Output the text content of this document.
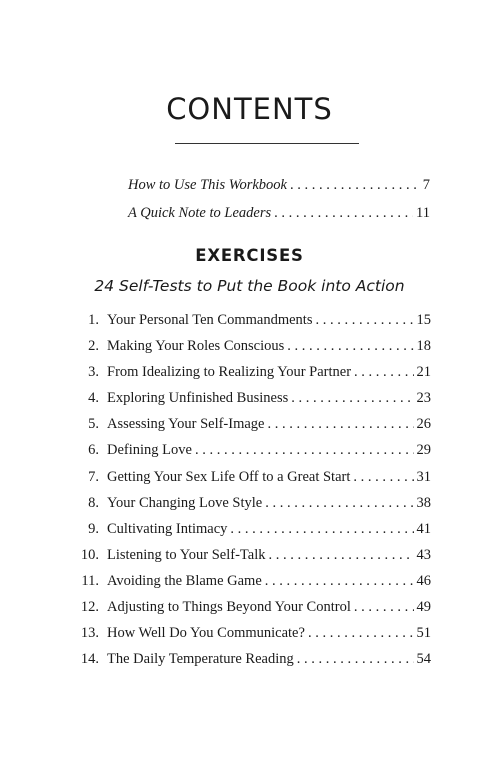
CONTENTS
How to Use This Workbook . . .	7
A Quick Note to Leaders . . .	11
EXERCISES
24 Self-Tests to Put the Book into Action
1. Your Personal Ten Commandments . . .	15
2. Making Your Roles Conscious . . .	18
3. From Idealizing to Realizing Your Partner . . .	21
4. Exploring Unfinished Business . . .	23
5. Assessing Your Self-Image . . .	26
6. Defining Love . . .	29
7. Getting Your Sex Life Off to a Great Start . . .	31
8. Your Changing Love Style . . .	38
9. Cultivating Intimacy . . .	41
10. Listening to Your Self-Talk . . .	43
11. Avoiding the Blame Game . . .	46
12. Adjusting to Things Beyond Your Control . . .	49
13. How Well Do You Communicate? . . .	51
14. The Daily Temperature Reading . . .	54
